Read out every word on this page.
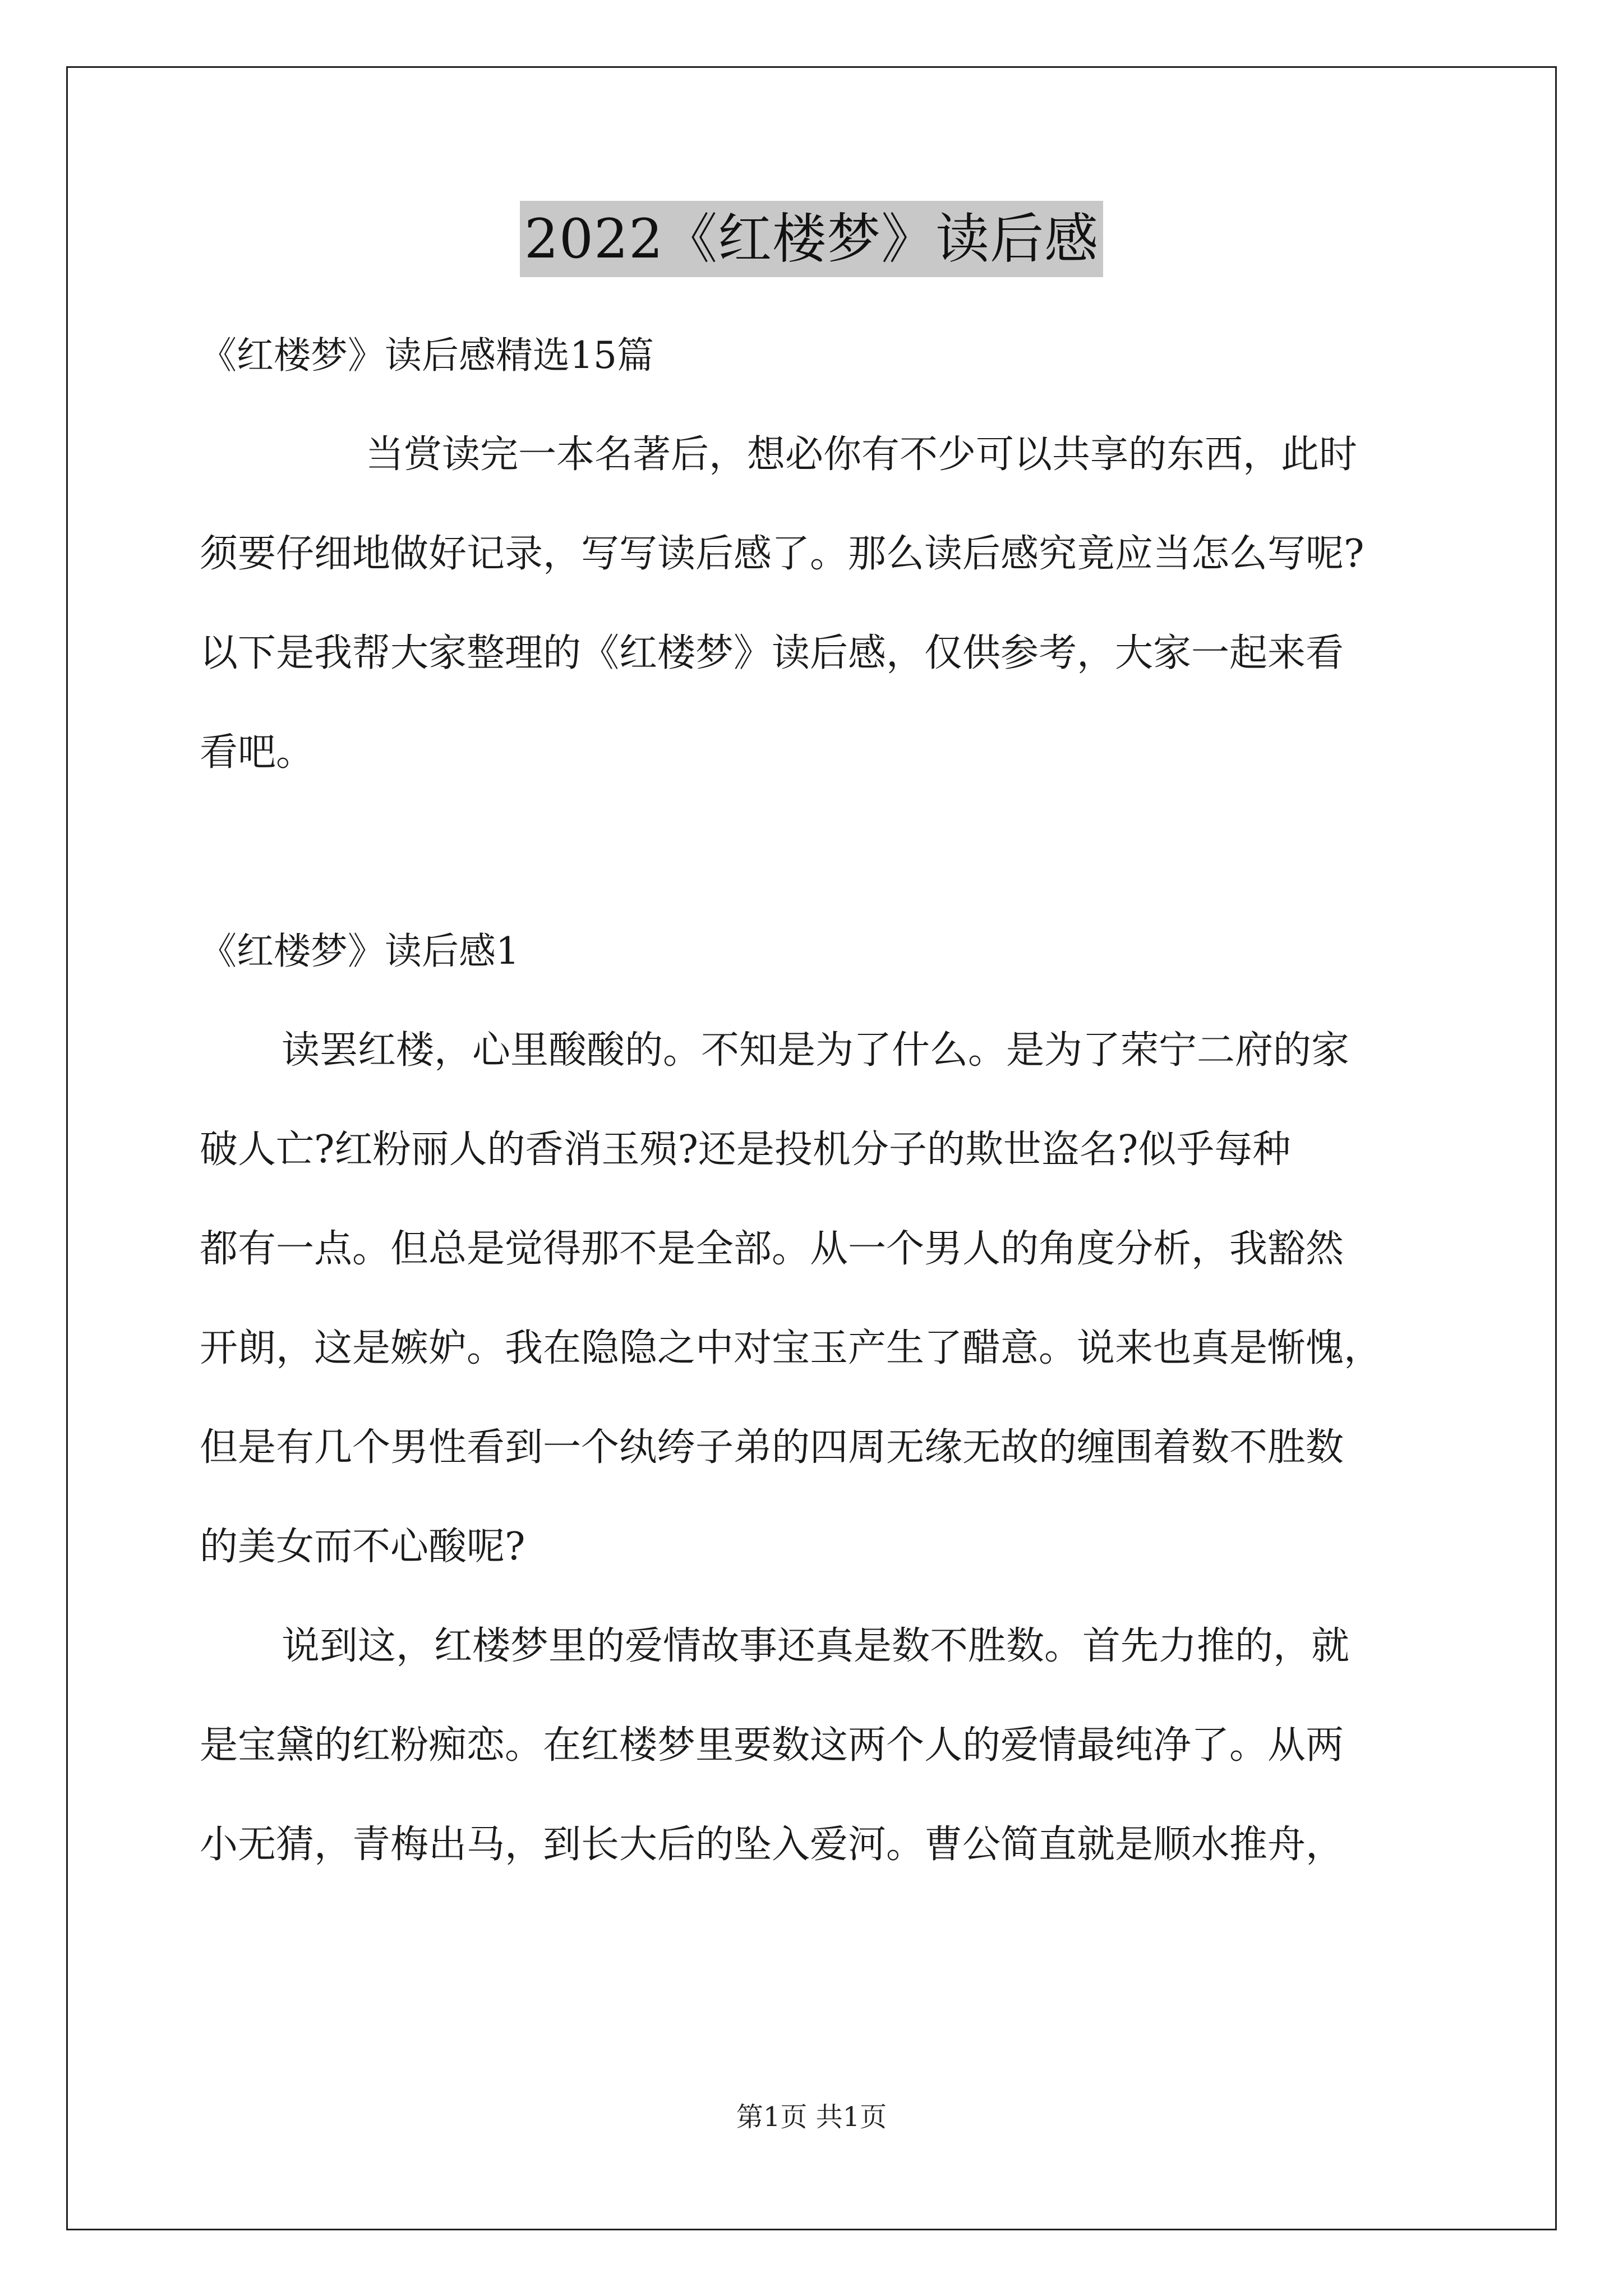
2022《红楼梦》读后感
《红楼梦》读后感精选15篇
当赏读完一本名著后，想必你有不少可以共享的东西，此时
须要仔细地做好记录，写写读后感了。那么读后感究竟应当怎么写呢?
以下是我帮大家整理的《红楼梦》读后感，仅供参考，大家一起来看
看吧。
《红楼梦》读后感1
读罢红楼，心里酸酸的。不知是为了什么。是为了荣宁二府的家
破人亡?红粉丽人的香消玉殒?还是投机分子的欺世盗名?似乎每种
都有一点。但总是觉得那不是全部。从一个男人的角度分析，我豁然
开朗，这是嫉妒。我在隐隐之中对宝玉产生了醋意。说来也真是惭愧，
但是有几个男性看到一个纨绔子弟的四周无缘无故的缠围着数不胜数
的美女而不心酸呢?
说到这，红楼梦里的爱情故事还真是数不胜数。首先力推的，就
是宝黛的红粉痴恋。在红楼梦里要数这两个人的爱情最纯净了。从两
小无猜，青梅出马，到长大后的坠入爱河。曹公简直就是顺水推舟，
第1页 共1页
